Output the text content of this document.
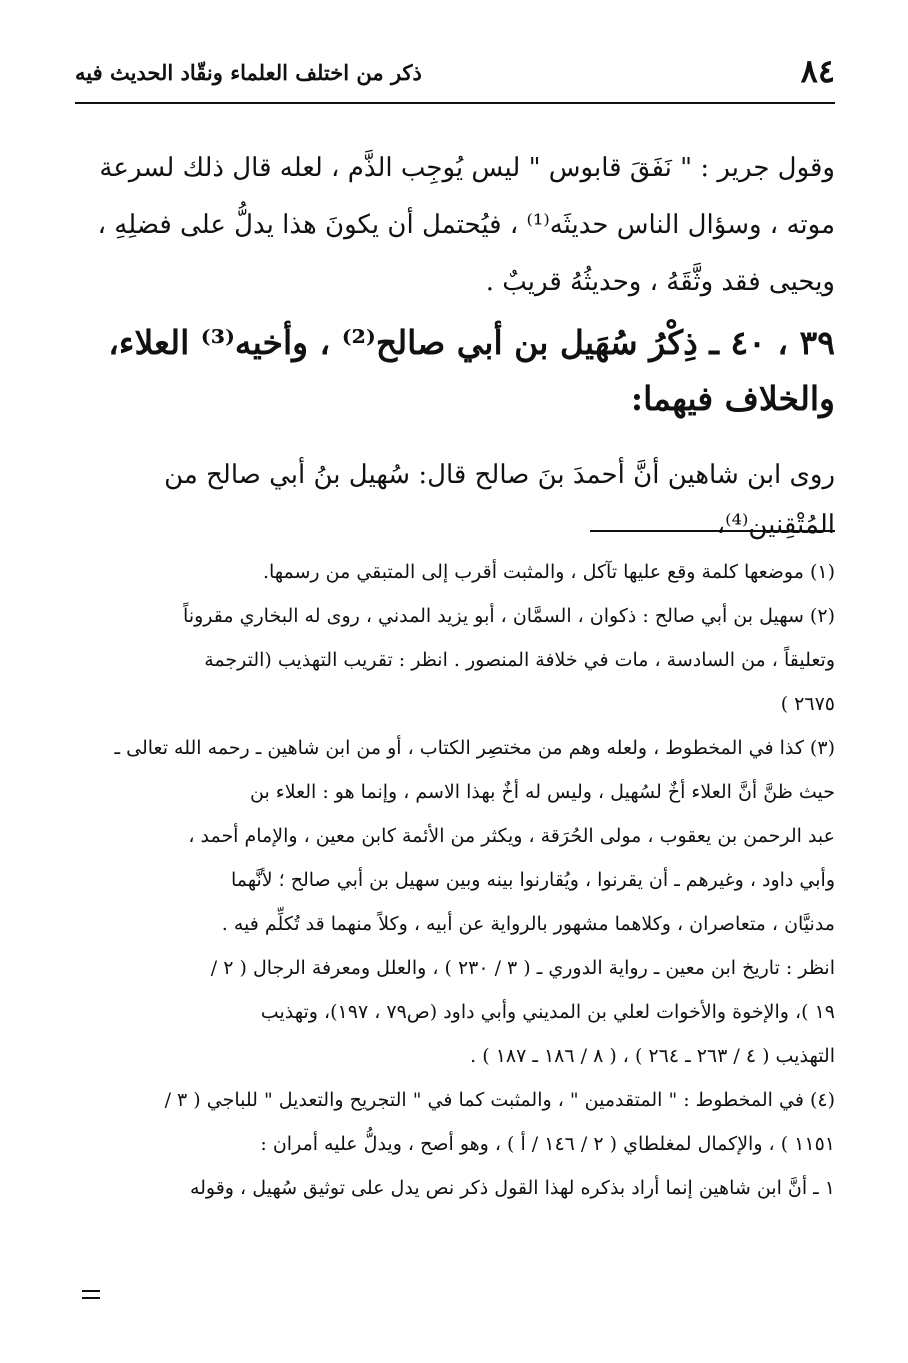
٨٤
ذكر من اختلف العلماء ونقّاد الحديث فيه

وقول جرير : " نَفَقَ قابوس " ليس يُوجِب الذَّم ، لعله قال ذلك لسرعة

موته ، وسؤال الناس حديثَه⁽¹⁾ ، فيُحتمل أن يكونَ هذا يدلُّ على فضلِهِ ،

ويحيى فقد وثَّقَهُ ، وحديثُهُ قريبٌ .

٣٩ ، ٤٠ ـ ذِكْرُ سُهَيل بن أبي صالح⁽²⁾ ، وأخيه⁽³⁾ العلاء،
والخلاف فيهما:
روى ابن شاهين أنَّ أحمدَ بنَ صالح قال: سُهيل بنُ أبي صالح من المُتْقِنين⁽⁴⁾،

(١) موضعها كلمة وقع عليها تآكل ، والمثبت أقرب إلى المتبقي من رسمها.

(٢) سهيل بن أبي صالح : ذكوان ، السمَّان ، أبو يزيد المدني ، روى له البخاري مقروناً

وتعليقاً ، من السادسة ، مات في خلافة المنصور . انظر : تقريب التهذيب (الترجمة

٢٦٧٥ )

(٣) كذا في المخطوط ، ولعله وهم من مختصِر الكتاب ، أو من ابن شاهين ـ رحمه الله تعالى ـ

حيث ظنَّ أنَّ العلاء أخٌ لسُهيل ، وليس له أخٌ بهذا الاسم ، وإنما هو : العلاء بن

عبد الرحمن بن يعقوب ، مولى الحُرَقة ، ويكثر من الأئمة كابن معين ، والإمام أحمد ،

وأبي داود ، وغيرهم ـ أن يقرنوا ، ويُقارنوا بينه وبين سهيل بن أبي صالح ؛ لأنَّهما

مدنيَّان ، متعاصران ، وكلاهما مشهور بالرواية عن أبيه ، وكلاً منهما قد تُكلِّم فيه .

انظر : تاريخ ابن معين ـ رواية الدوري ـ ( ٣ / ٢٣٠ ) ، والعلل ومعرفة الرجال ( ٢ /

١٩ )، والإخوة والأخوات لعلي بن المديني وأبي داود (ص٧٩ ، ١٩٧)، وتهذيب

التهذيب ( ٤ / ٢٦٣ ـ ٢٦٤ ) ، ( ٨ / ١٨٦ ـ ١٨٧ ) .

(٤) في المخطوط : " المتقدمين " ، والمثبت كما في " التجريح والتعديل " للباجي ( ٣ /

١١٥١ ) ، والإكمال لمغلطاي ( ٢ / ١٤٦ / أ ) ، وهو أصح ، ويدلُّ عليه أمران :

١ ـ أنَّ ابن شاهين إنما أراد بذكره لهذا القول ذكر نص يدل على توثيق سُهيل ، وقوله
